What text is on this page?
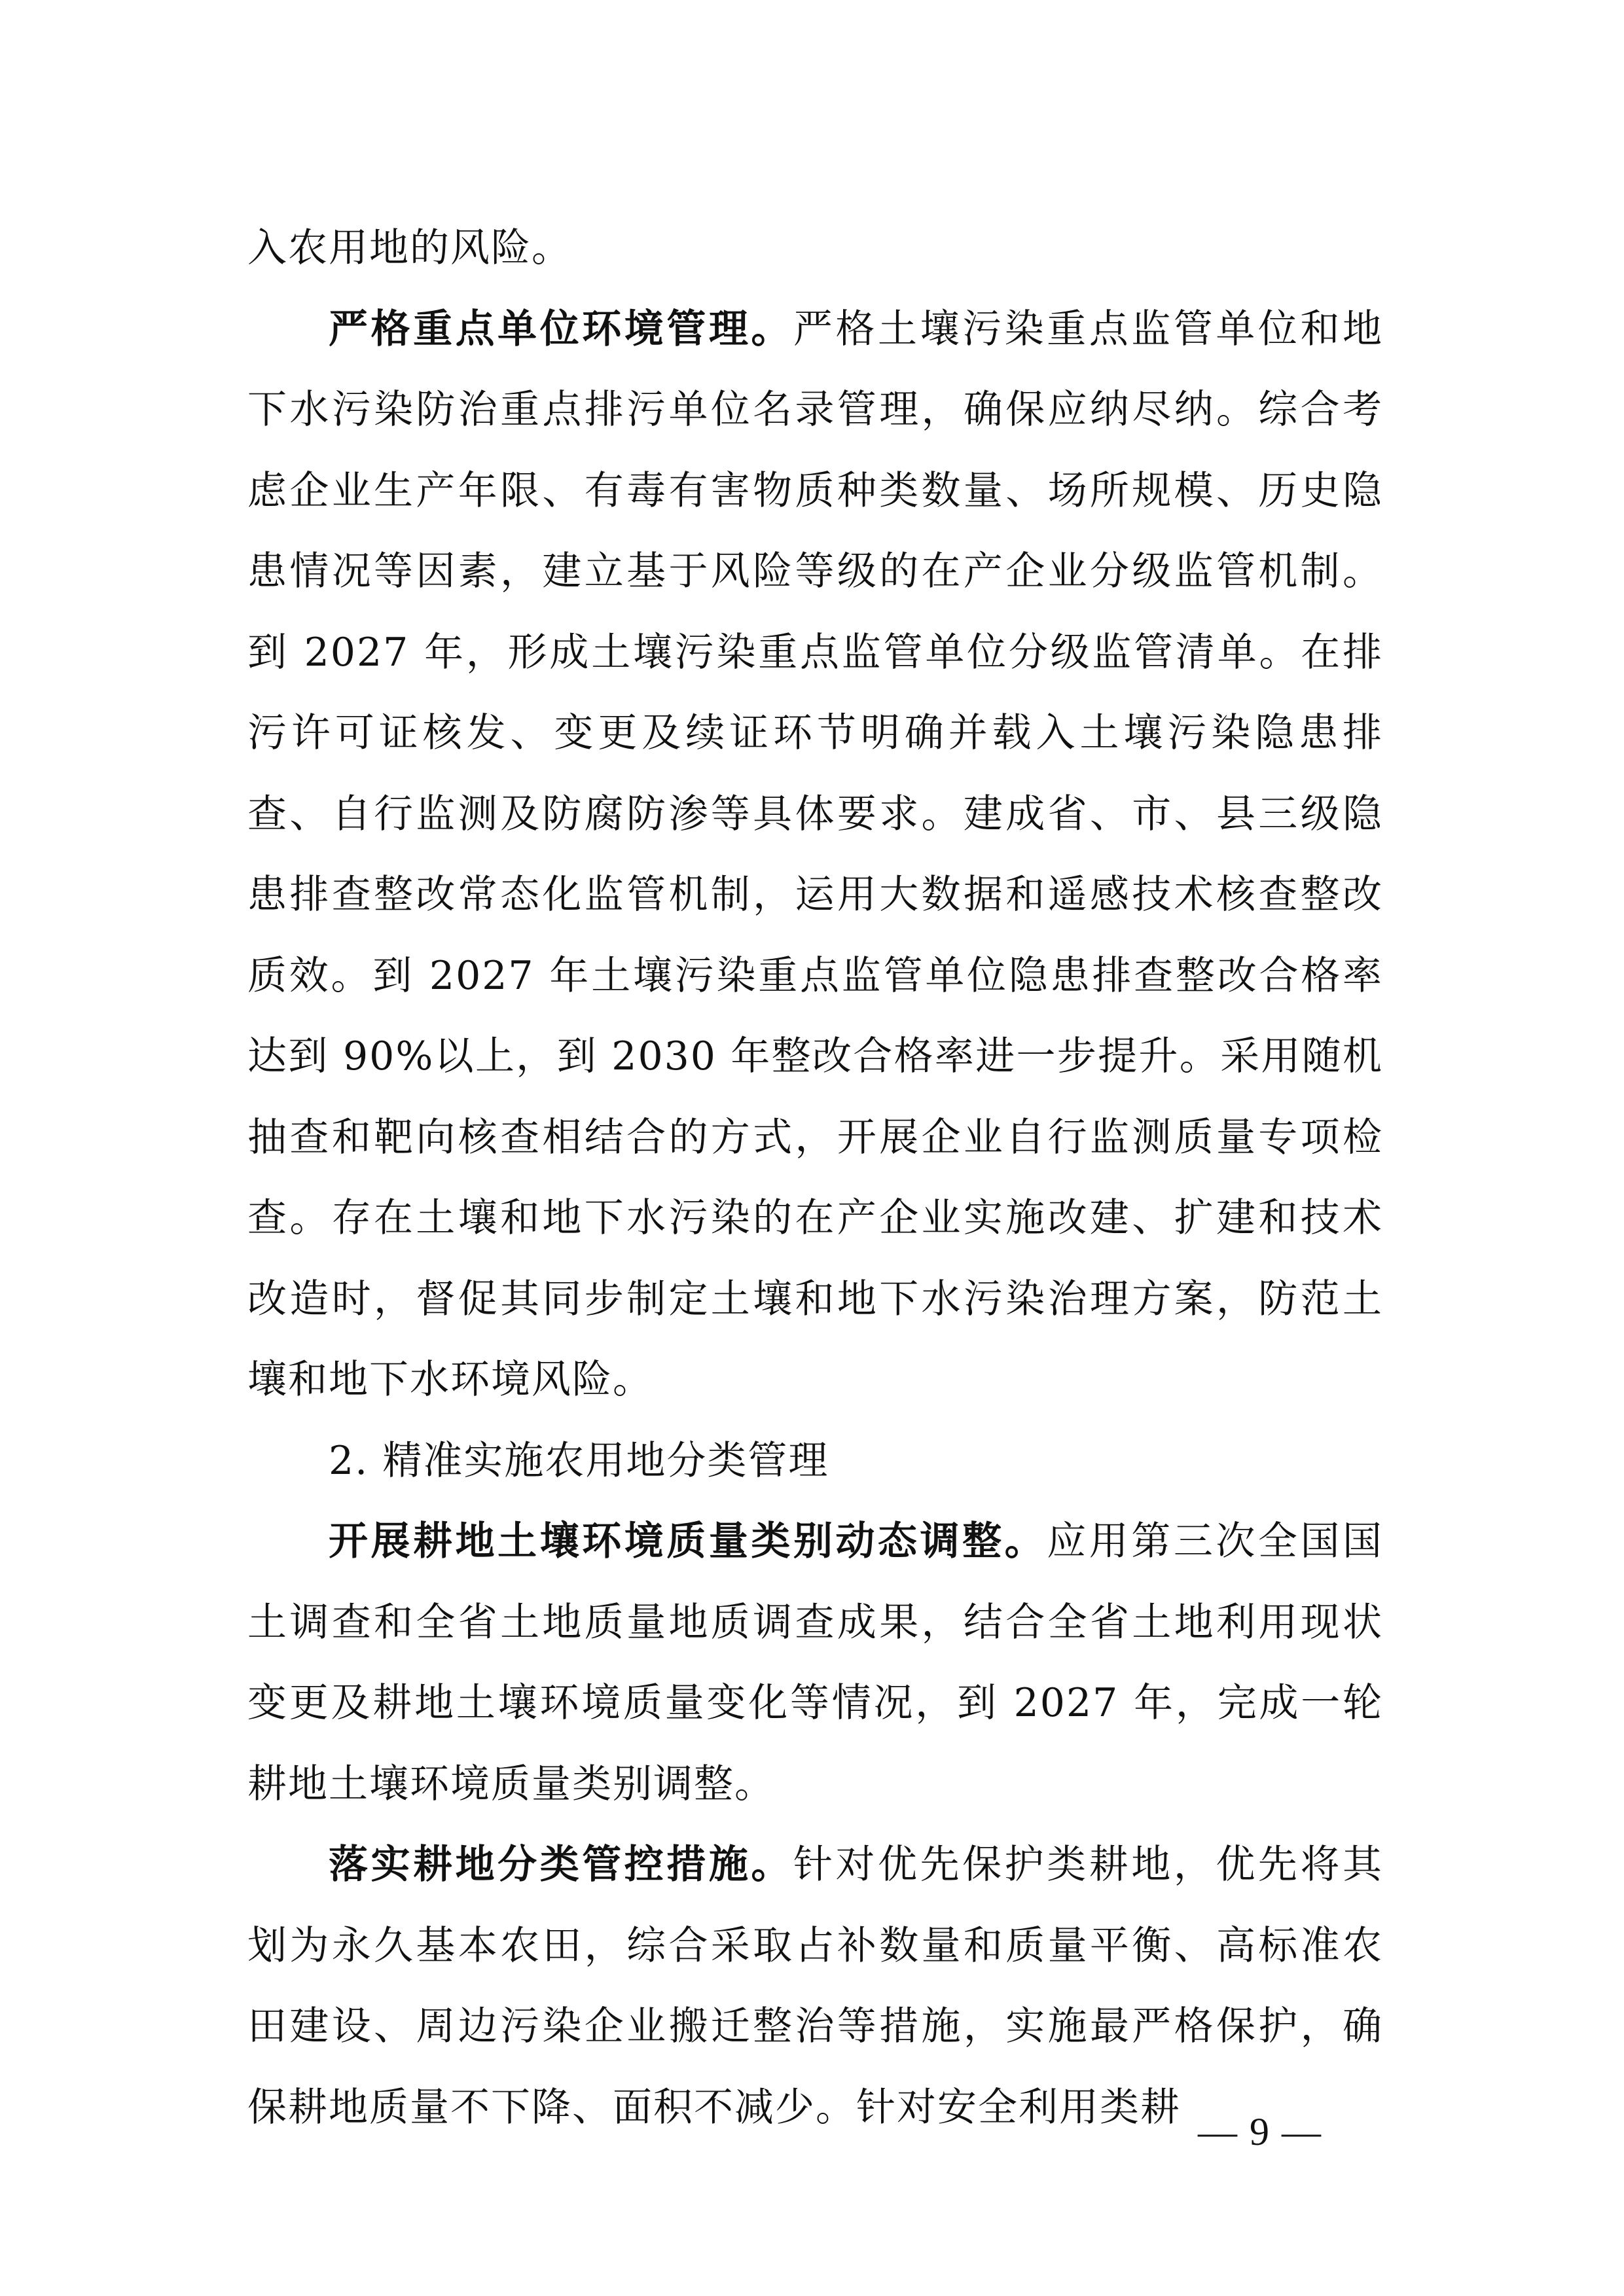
入农用地的风险。

严格重点单位环境管理。严格土壤污染重点监管单位和地下水污染防治重点排污单位名录管理，确保应纳尽纳。综合考虑企业生产年限、有毒有害物质种类数量、场所规模、历史隐患情况等因素，建立基于风险等级的在产企业分级监管机制。到 2027 年，形成土壤污染重点监管单位分级监管清单。在排污许可证核发、变更及续证环节明确并载入土壤污染隐患排查、自行监测及防腐防渗等具体要求。建成省、市、县三级隐患排查整改常态化监管机制，运用大数据和遥感技术核查整改质效。到 2027 年土壤污染重点监管单位隐患排查整改合格率达到 90%以上，到 2030 年整改合格率进一步提升。采用随机抽查和靶向核查相结合的方式，开展企业自行监测质量专项检查。存在土壤和地下水污染的在产企业实施改建、扩建和技术改造时，督促其同步制定土壤和地下水污染治理方案，防范土壤和地下水环境风险。

2. 精准实施农用地分类管理

开展耕地土壤环境质量类别动态调整。应用第三次全国国土调查和全省土地质量地质调查成果，结合全省土地利用现状变更及耕地土壤环境质量变化等情况，到 2027 年，完成一轮耕地土壤环境质量类别调整。

落实耕地分类管控措施。针对优先保护类耕地，优先将其划为永久基本农田，综合采取占补数量和质量平衡、高标准农田建设、周边污染企业搬迁整治等措施，实施最严格保护，确保耕地质量不下降、面积不减少。针对安全利用类耕

— 9 —
